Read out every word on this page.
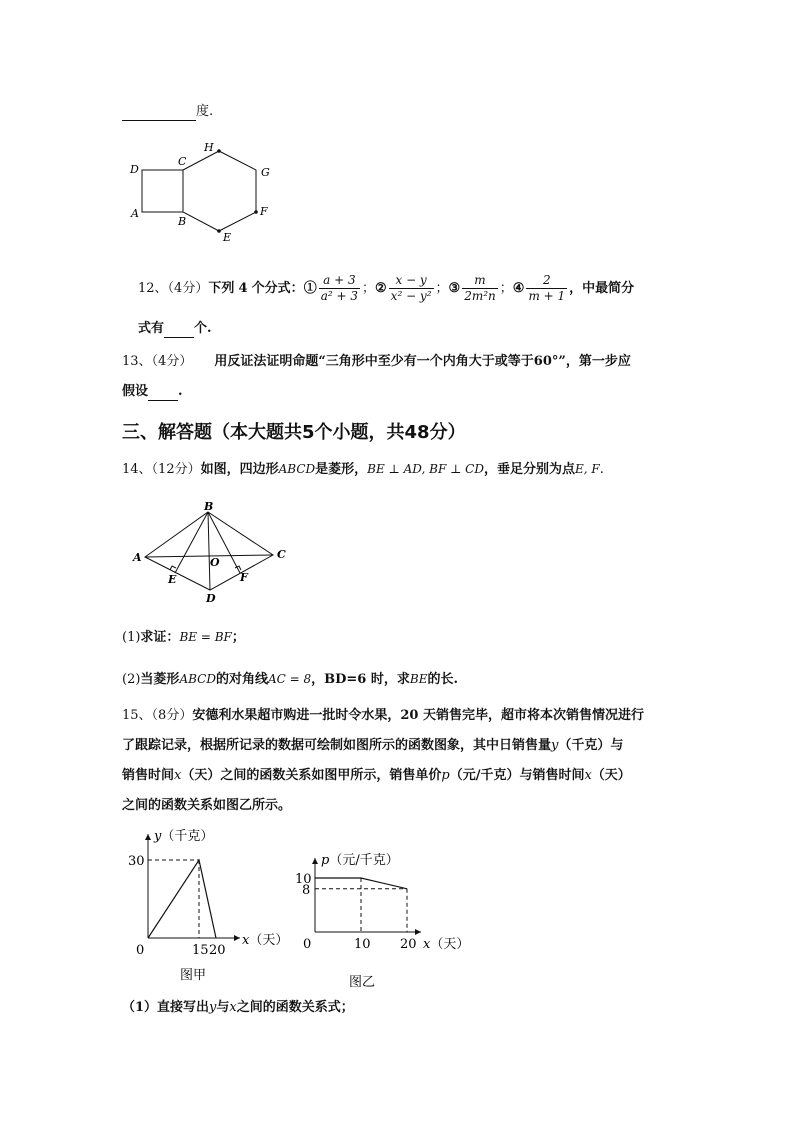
度.
D
C
H
G
A
B
F
E
12、（4分）下列 4 个分式：① $\frac{a + 3}{\text{a² + 3}}$ ；② $\frac{x - y}{\text{x² − y²}}$ ；③ $\frac{m}{\text{2m²n}}$ ；④ $\frac{2}{m + 1}$ ，中最简分
式有 个.
13、（4分） 用反证法证明命题“三角形中至少有一个内角大于或等于60°”，第一步应
假设 .
三、解答题（本大题共5个小题，共48分）
14、（12分）如图，四边形ABCD是菱形，BE ⊥ AD, BF ⊥ CD，垂足分别为点E, F.
B
A	O
C
E	F
D
(1)求证：BE = BF；
(2)当菱形ABCD的对角线AC = 8，BD=6 时，求BE的长.
15、（8分）安德利水果超市购进一批时令水果，20 天销售完毕，超市将本次销售情况进行
了跟踪记录，根据所记录的数据可绘制如图所示的函数图象，其中日销售量y（千克）与
销售时间x（天）之间的函数关系如图甲所示，销售单价p（元/千克）与销售时间x（天）
之间的函数关系如图乙所示。
0	15 20
30
x（天）
y（千克）
图甲
0	10 20
10
8
x（天）
p（元/千克）
图乙
（1）直接写出y与x之间的函数关系式；
